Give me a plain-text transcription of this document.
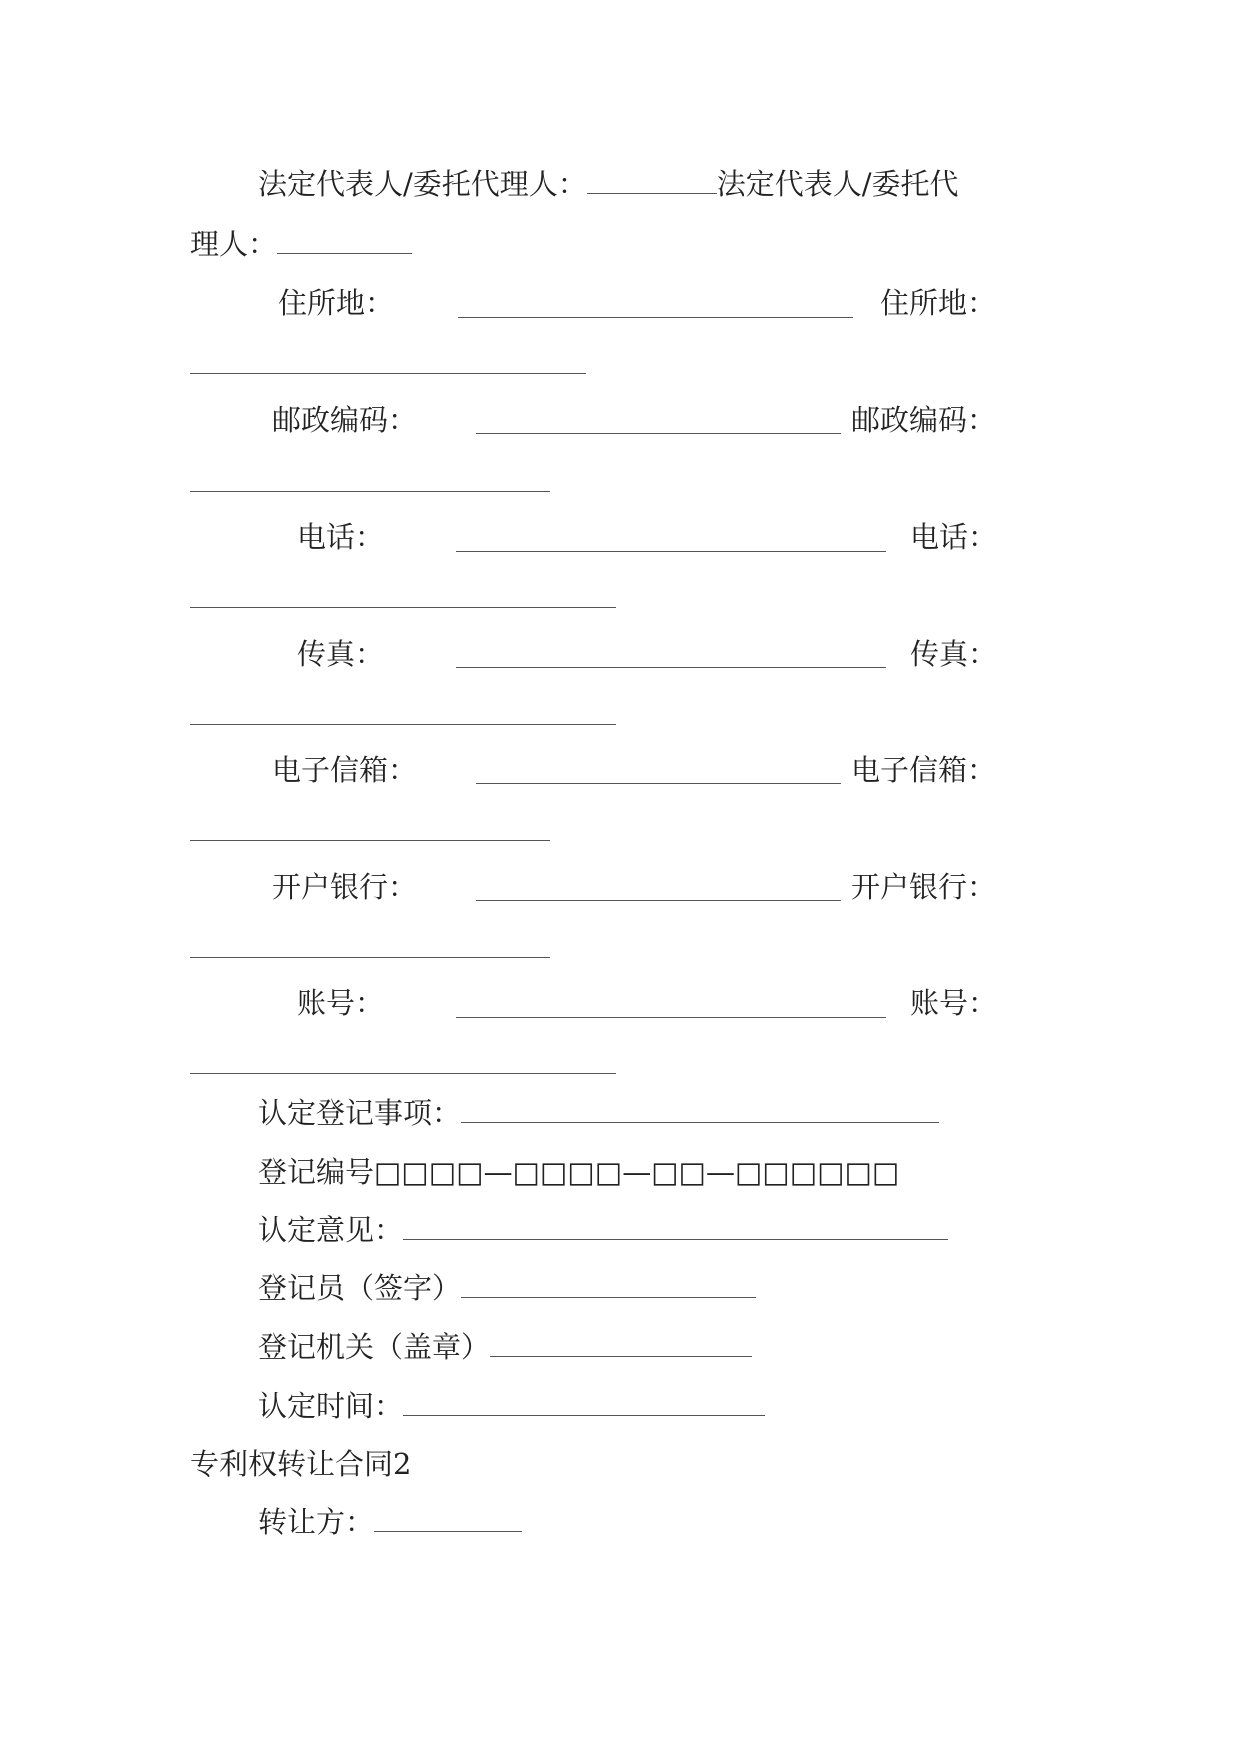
法定代表人/委托代理人：	法定代表人/委托代
理人：
住所地：	住所地：
邮政编码：	邮政编码：
电话：	电话：
传真：	传真：
电子信箱：	电子信箱：
开户银行：	开户银行：
账号：	账号：
认定登记事项：
登记编号□□□□—□□□□—□□—□□□□□□
认定意见：
登记员（签字）
登记机关（盖章）
认定时间：
专利权转让合同2
转让方：
